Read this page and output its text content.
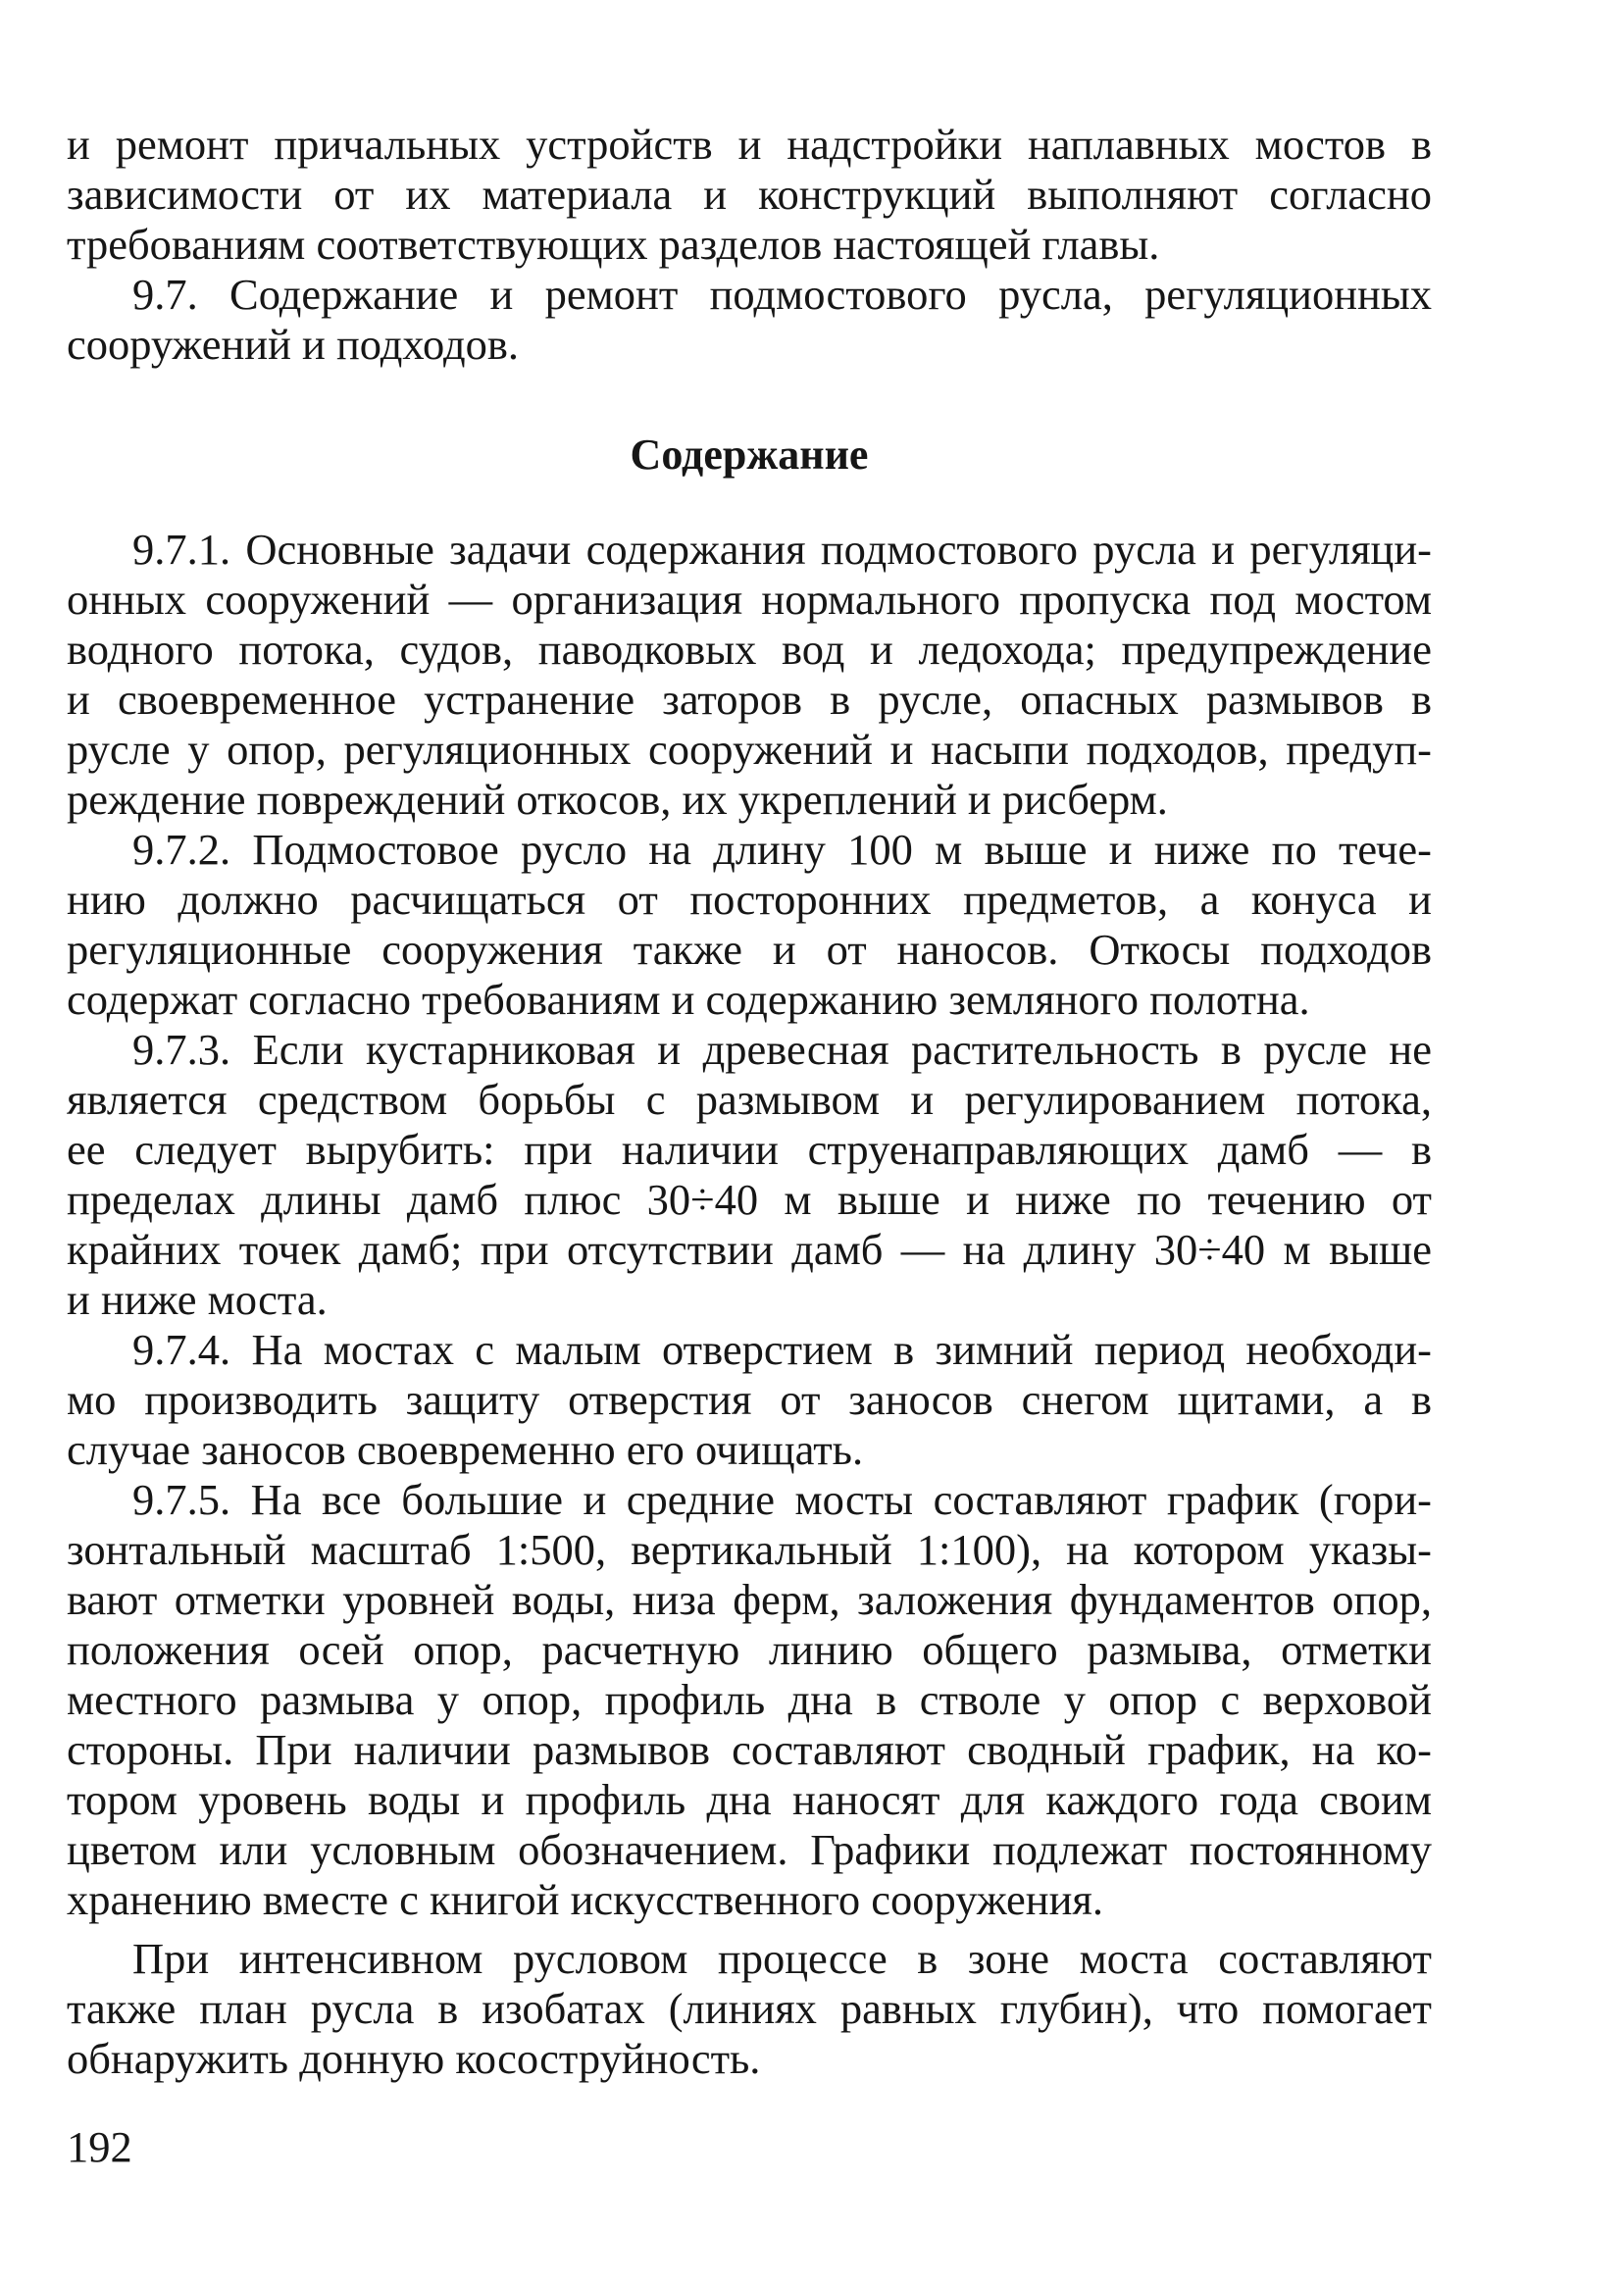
и ремонт причальных устройств и надстройки наплавных мостов в
зависимости от их материала и конструкций выполняют согласно
требованиям соответствующих разделов настоящей главы.
9.7. Содержание и ремонт подмостового русла, регуляционных
сооружений и подходов.
Содержание
9.7.1. Основные задачи содержания подмостового русла и регуляци-
онных сооружений — организация нормального пропуска под мостом
водного потока, судов, паводковых вод и ледохода; предупреждение
и своевременное устранение заторов в русле, опасных размывов в
русле у опор, регуляционных сооружений и насыпи подходов, предуп-
реждение повреждений откосов, их укреплений и рисберм.
9.7.2. Подмостовое русло на длину 100 м выше и ниже по тече-
нию должно расчищаться от посторонних предметов, а конуса и
регуляционные сооружения также и от наносов. Откосы подходов
содержат согласно требованиям и содержанию земляного полотна.
9.7.3. Если кустарниковая и древесная растительность в русле не
является средством борьбы с размывом и регулированием потока,
ее следует вырубить: при наличии струенаправляющих дамб — в
пределах длины дамб плюс 30÷40 м выше и ниже по течению от
крайних точек дамб; при отсутствии дамб — на длину 30÷40 м выше
и ниже моста.
9.7.4. На мостах с малым отверстием в зимний период необходи-
мо производить защиту отверстия от заносов снегом щитами, а в
случае заносов своевременно его очищать.
9.7.5. На все большие и средние мосты составляют график (гори-
зонтальный масштаб 1:500, вертикальный 1:100), на котором указы-
вают отметки уровней воды, низа ферм, заложения фундаментов опор,
положения осей опор, расчетную линию общего размыва, отметки
местного размыва у опор, профиль дна в стволе у опор с верховой
стороны. При наличии размывов составляют сводный график, на ко-
тором уровень воды и профиль дна наносят для каждого года своим
цветом или условным обозначением. Графики подлежат постоянному
хранению вместе с книгой искусственного сооружения.
При интенсивном русловом процессе в зоне моста составляют
также план русла в изобатах (линиях равных глубин), что помогает
обнаружить донную косоструйность.
192
